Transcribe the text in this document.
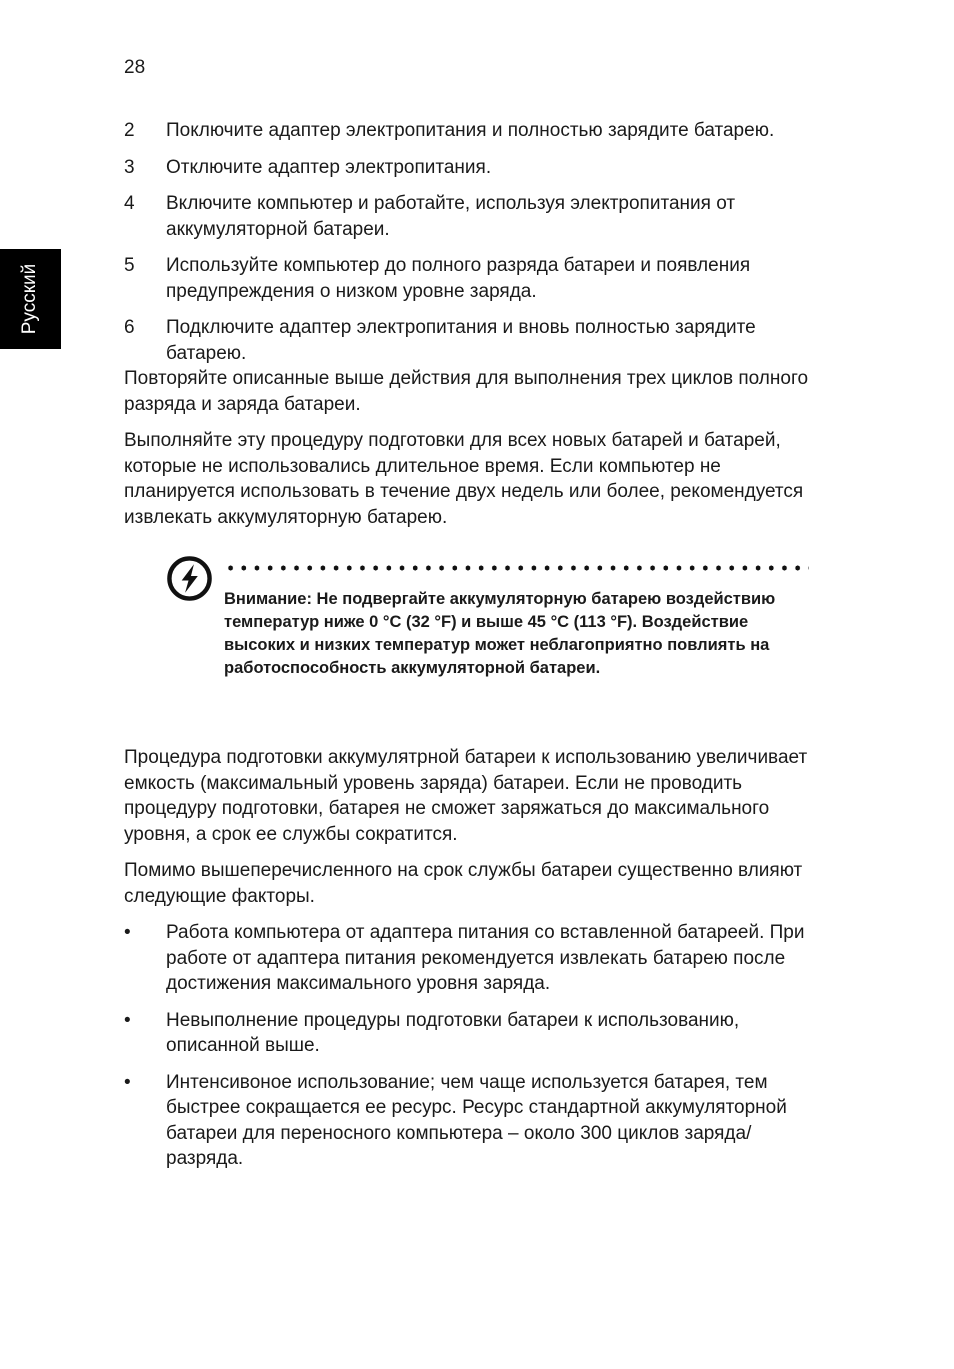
28
Русский
2	Поключите адаптер электропитания и полностью зарядите батарею.
3	Отключите адаптер электропитания.
4	Включите компьютер и работайте, используя электропитания от аккумуляторной батареи.
5	Используйте компьютер до полного разряда батареи и появления предупреждения о низком уровне заряда.
6	Подключите адаптер электропитания и вновь полностью зарядите батарею.

Повторяйте описанные выше действия для выполнения трех циклов полного разряда и заряда батареи.

Выполняйте эту процедуру подготовки для всех новых батарей и батарей, которые не использовались длительное время. Если компьютер не планируется использовать в течение двух недель или более, рекомендуется извлекать аккумуляторную батарею.

Внимание: Не подвергайте аккумуляторную батарею воздействию температур ниже 0 °C (32 °F) и выше 45 °C (113 °F). Воздействие высоких и низких температур может неблагоприятно повлиять на работоспособность аккумуляторной батареи.

Процедура подготовки аккумулятрной батареи к использованию увеличивает емкость (максимальный уровень заряда) батареи. Если не проводить процедуру подготовки, батарея не сможет заряжаться до максимального уровня, а срок ее службы сократится.

Помимо вышеперечисленного на срок службы батареи существенно влияют следующие факторы.

•	Работа компьютера от адаптера питания со вставленной батареей. При работе от адаптера питания рекомендуется извлекать батарею после достижения максимального уровня заряда.
•	Невыполнение процедуры подготовки батареи к использованию, описанной выше.
•	Интенсивоное использование; чем чаще используется батарея, тем быстрее сокращается ее ресурс. Ресурс стандартной аккумуляторной батареи для переносного компьютера – около 300 циклов заряда/разряда.
